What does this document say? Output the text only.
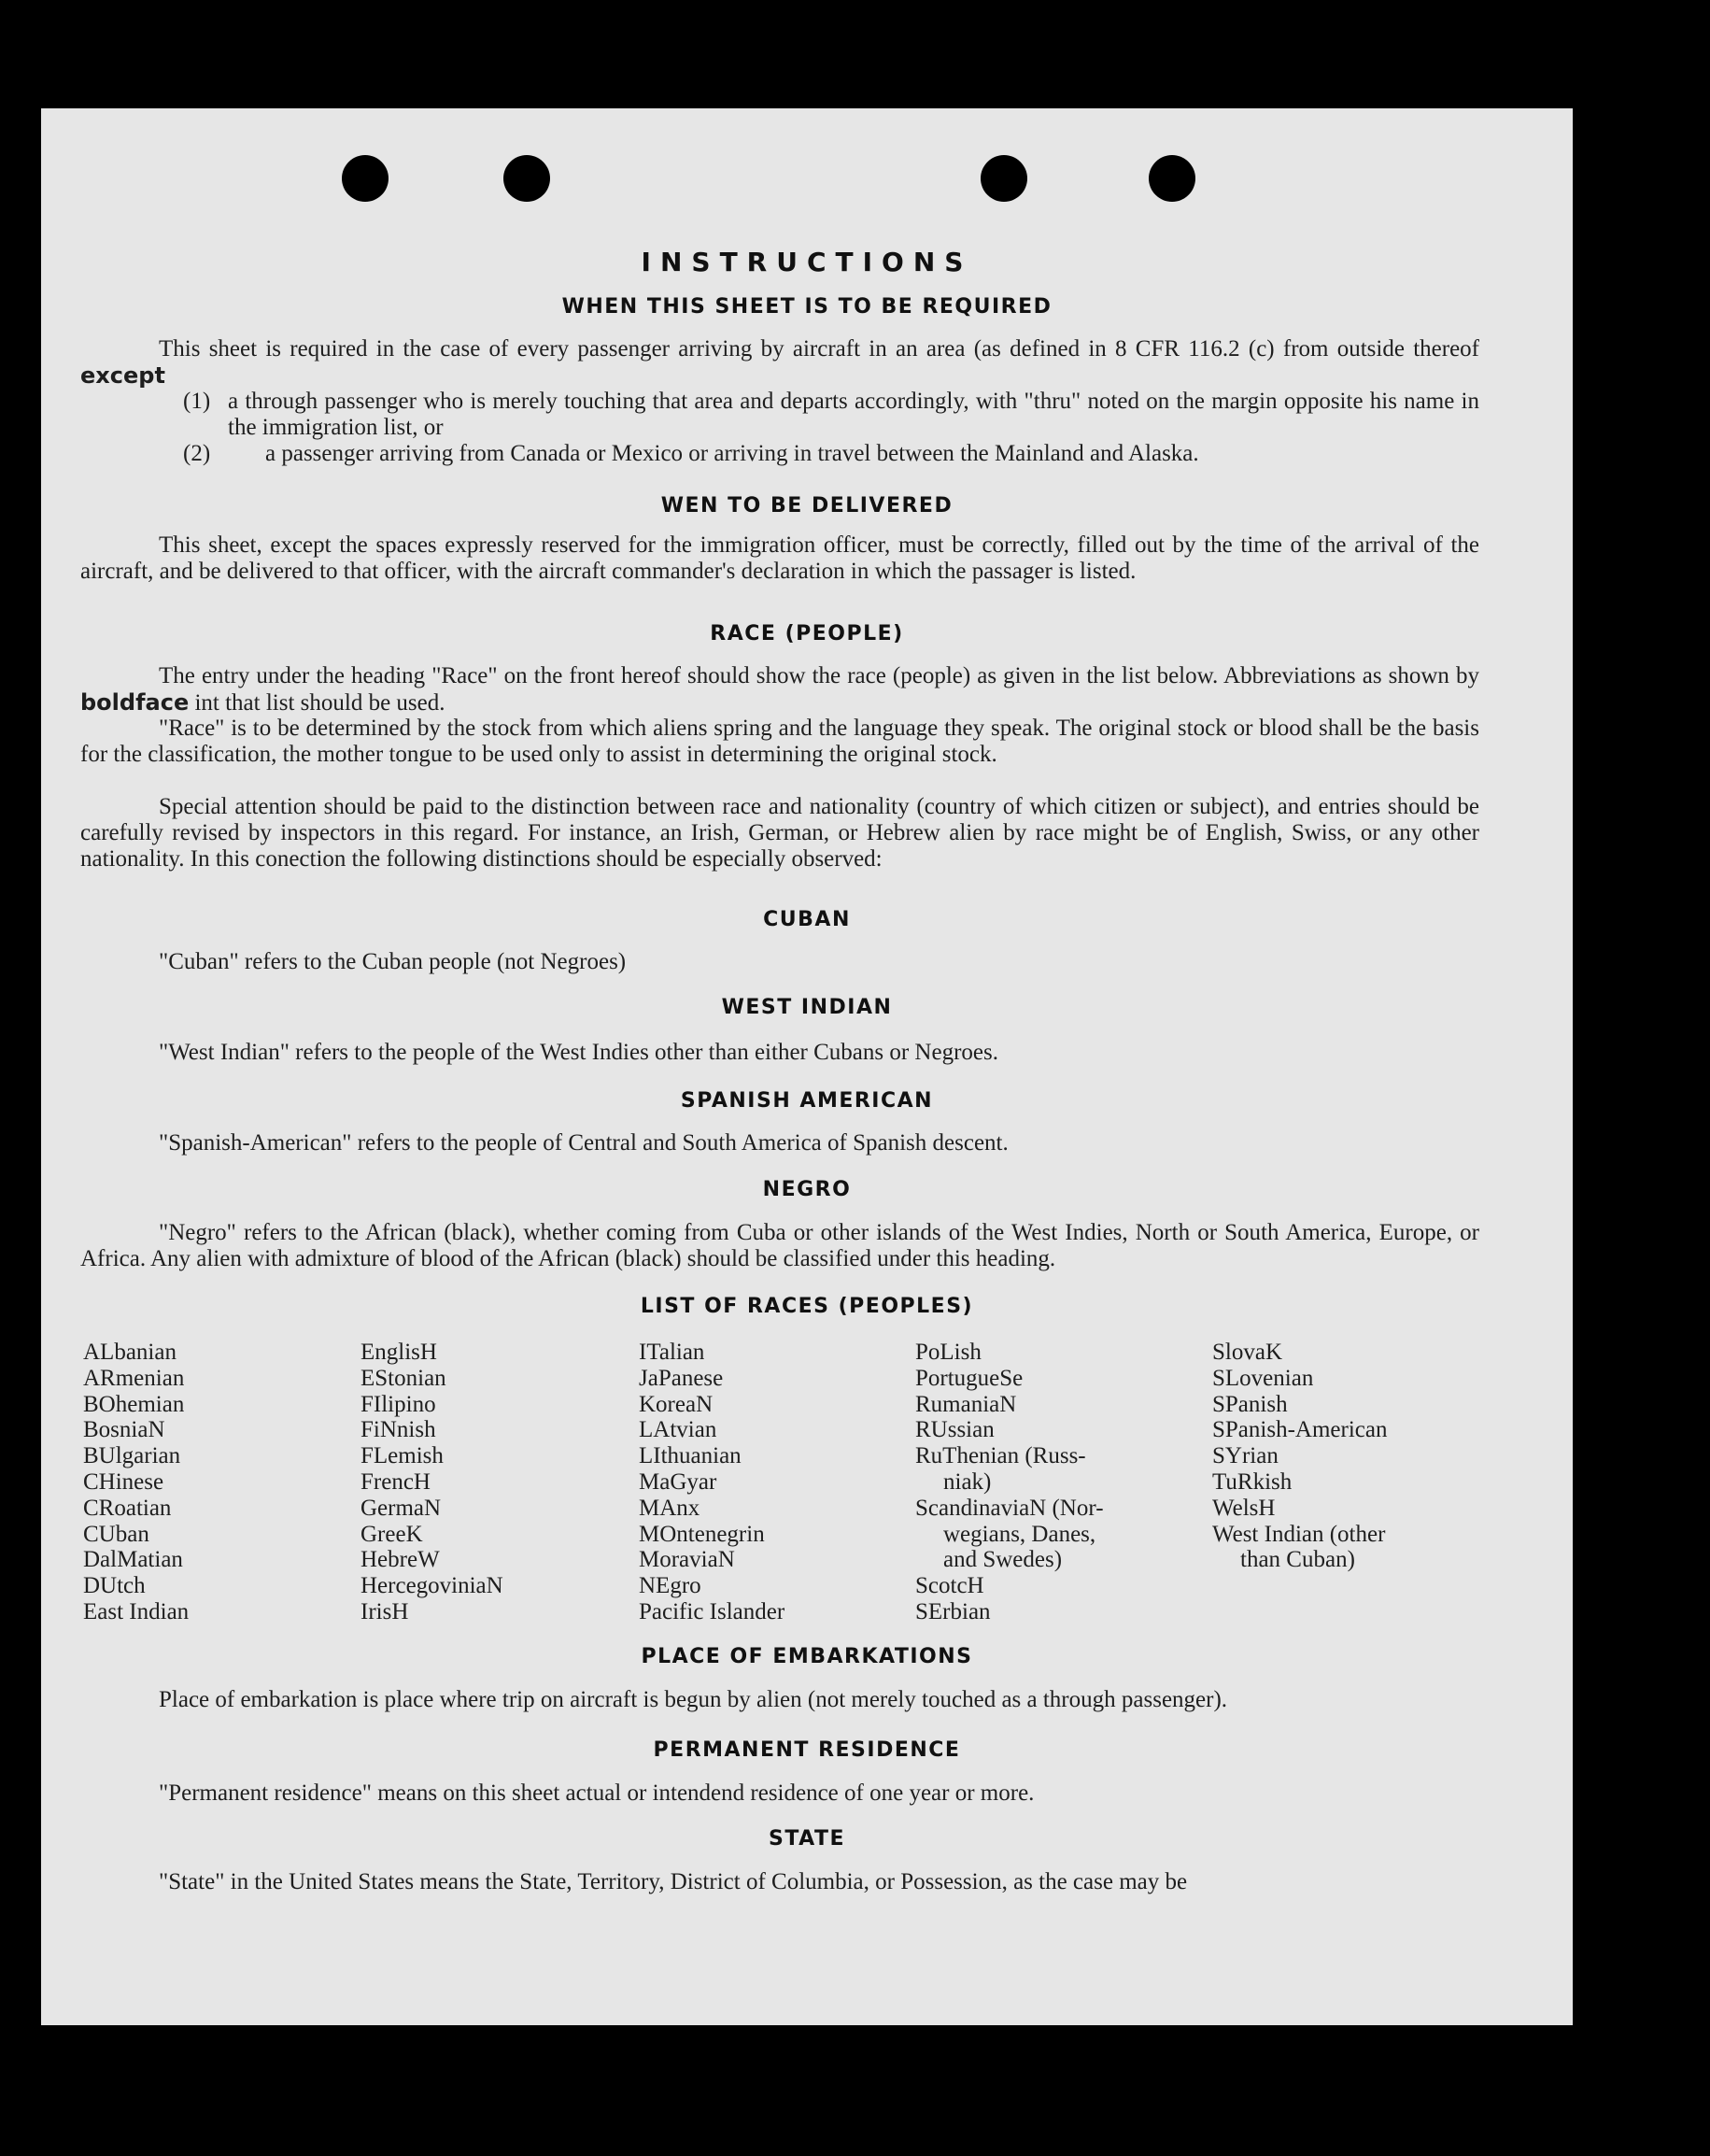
INSTRUCTIONS
WHEN THIS SHEET IS TO BE REQUIRED

This sheet is required in the case of every passenger arriving by aircraft in an area (as defined in 8 CFR 116.2 (c) from outside thereof except

(1) a through passenger who is merely touching that area and departs accordingly, with "thru" noted on the margin opposite his name in the immigration list, or

(2) a passenger arriving from Canada or Mexico or arriving in travel between the Mainland and Alaska.

WEN TO BE DELIVERED

This sheet, except the spaces expressly reserved for the immigration officer, must be correctly, filled out by the time of the arrival of the aircraft, and be delivered to that officer, with the aircraft commander's declaration in which the passager is listed.

RACE (PEOPLE)

The entry under the heading "Race" on the front hereof should show the race (people) as given in the list below. Abbreviations as shown by boldface int that list should be used.

"Race" is to be determined by the stock from which aliens spring and the language they speak. The original stock or blood shall be the basis for the classification, the mother tongue to be used only to assist in determining the original stock.

Special attention should be paid to the distinction between race and nationality (country of which citizen or subject), and entries should be carefully revised by inspectors in this regard. For instance, an Irish, German, or Hebrew alien by race might be of English, Swiss, or any other nationality. In this conection the following distinctions should be especially observed:

CUBAN

"Cuban" refers to the Cuban people (not Negroes)

WEST INDIAN

"West Indian" refers to the people of the West Indies other than either Cubans or Negroes.

SPANISH AMERICAN

"Spanish-American" refers to the people of Central and South America of Spanish descent.

NEGRO

"Negro" refers to the African (black), whether coming from Cuba or other islands of the West Indies, North or South America, Europe, or Africa. Any alien with admixture of blood of the African (black) should be classified under this heading.

LIST OF RACES (PEOPLES)
ALbanian
ARmenian
BOhemian
BosniaN
BUlgarian
CHinese
CRoatian
CUban
DalMatian
DUtch
East Indian
EnglisH
EStonian
FIlipino
FiNnish
FLemish
FrencH
GermaN
GreeK
HebreW
HercegoviniaN
IrisH
ITalian
JaPanese
KoreaN
LAtvian
LIthuanian
MaGyar
MAnx
MOntenegrin
MoraviaN
NEgro
Pacific Islander
PoLish
PortugueSe
RumaniaN
RUssian
RuThenian (Russ-
niak)
ScandinaviaN (Nor-
wegians, Danes,
and Swedes)
ScotcH
SErbian
SlovaK
SLovenian
SPanish
SPanish-American
SYrian
TuRkish
WelsH
West Indian (other
than Cuban)
PLACE OF EMBARKATIONS

Place of embarkation is place where trip on aircraft is begun by alien (not merely touched as a through passenger).

PERMANENT RESIDENCE

"Permanent residence" means on this sheet actual or intendend residence of one year or more.

STATE

"State" in the United States means the State, Territory, District of Columbia, or Possession, as the case may be
